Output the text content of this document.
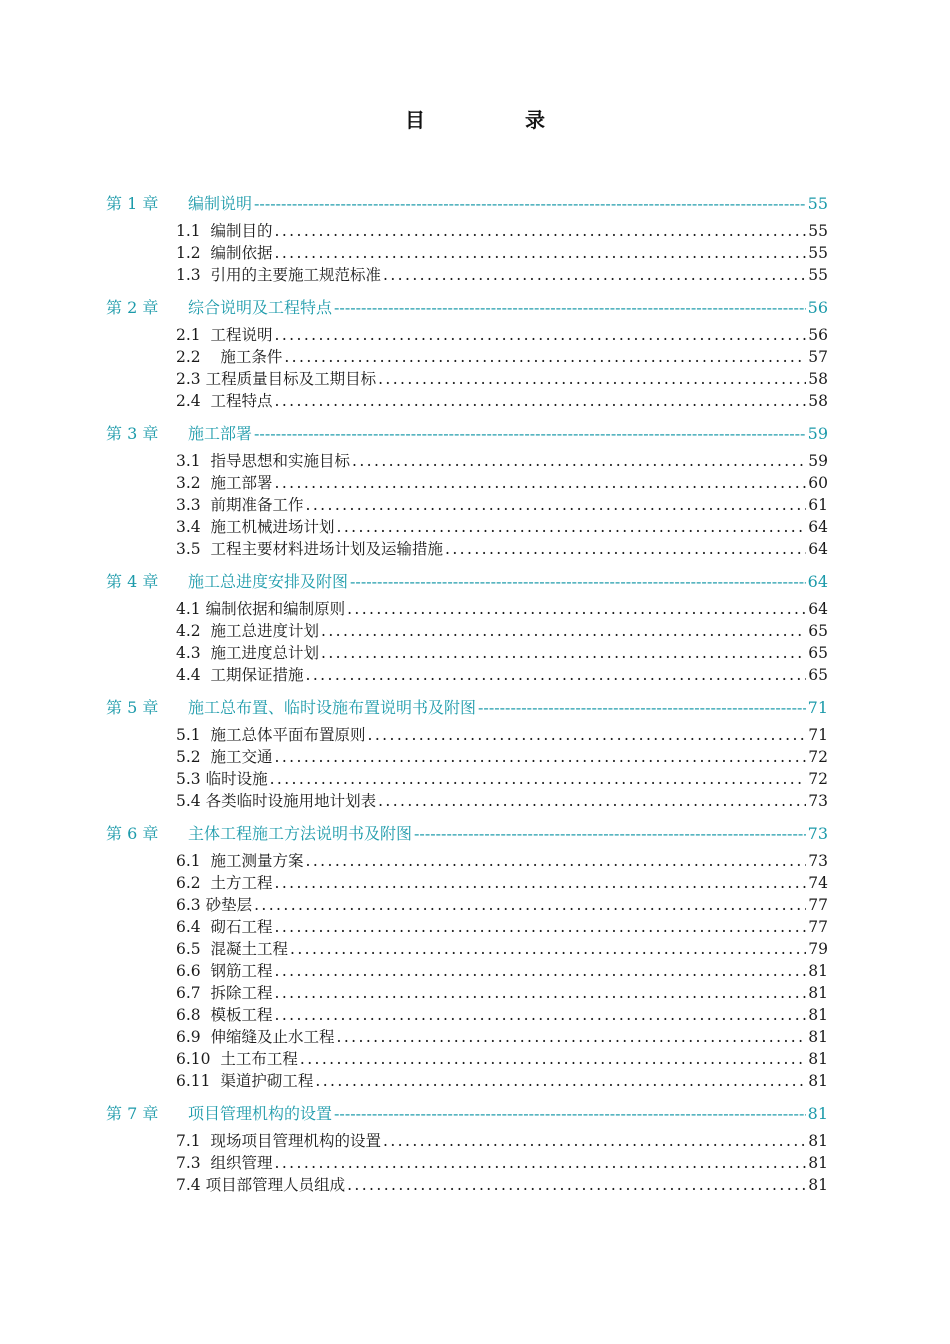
目　录
第 1 章	编制说明 -----	55
1.1  编制目的 .....	55
1.2  编制依据 .....	55
1.3  引用的主要施工规范标准 .....	55
第 2 章	综合说明及工程特点 -----	56
2.1  工程说明 .....	56
2.2    施工条件 .....	57
2.3 工程质量目标及工期目标 .....	58
2.4  工程特点 .....	58
第 3 章	施工部署 -----	59
3.1  指导思想和实施目标 .....	59
3.2  施工部署 .....	60
3.3  前期准备工作 .....	61
3.4  施工机械进场计划 .....	64
3.5  工程主要材料进场计划及运输措施 .....	64
第 4 章	施工总进度安排及附图 -----	64
4.1 编制依据和编制原则 .....	64
4.2  施工总进度计划 .....	65
4.3  施工进度总计划 .....	65
4.4  工期保证措施 .....	65
第 5 章	施工总布置、临时设施布置说明书及附图 -----	71
5.1  施工总体平面布置原则 .....	71
5.2  施工交通 .....	72
5.3 临时设施 .....	72
5.4 各类临时设施用地计划表 .....	73
第 6 章	主体工程施工方法说明书及附图 -----	73
6.1  施工测量方案 .....	73
6.2  土方工程 .....	74
6.3 砂垫层 .....	77
6.4  砌石工程 .....	77
6.5  混凝土工程 .....	79
6.6  钢筋工程 .....	81
6.7  拆除工程 .....	81
6.8  模板工程 .....	81
6.9  伸缩缝及止水工程 .....	81
6.10  土工布工程 .....	81
6.11  渠道护砌工程 .....	81
第 7 章	项目管理机构的设置 -----	81
7.1  现场项目管理机构的设置 .....	81
7.3  组织管理 .....	81
7.4 项目部管理人员组成 .....	81
